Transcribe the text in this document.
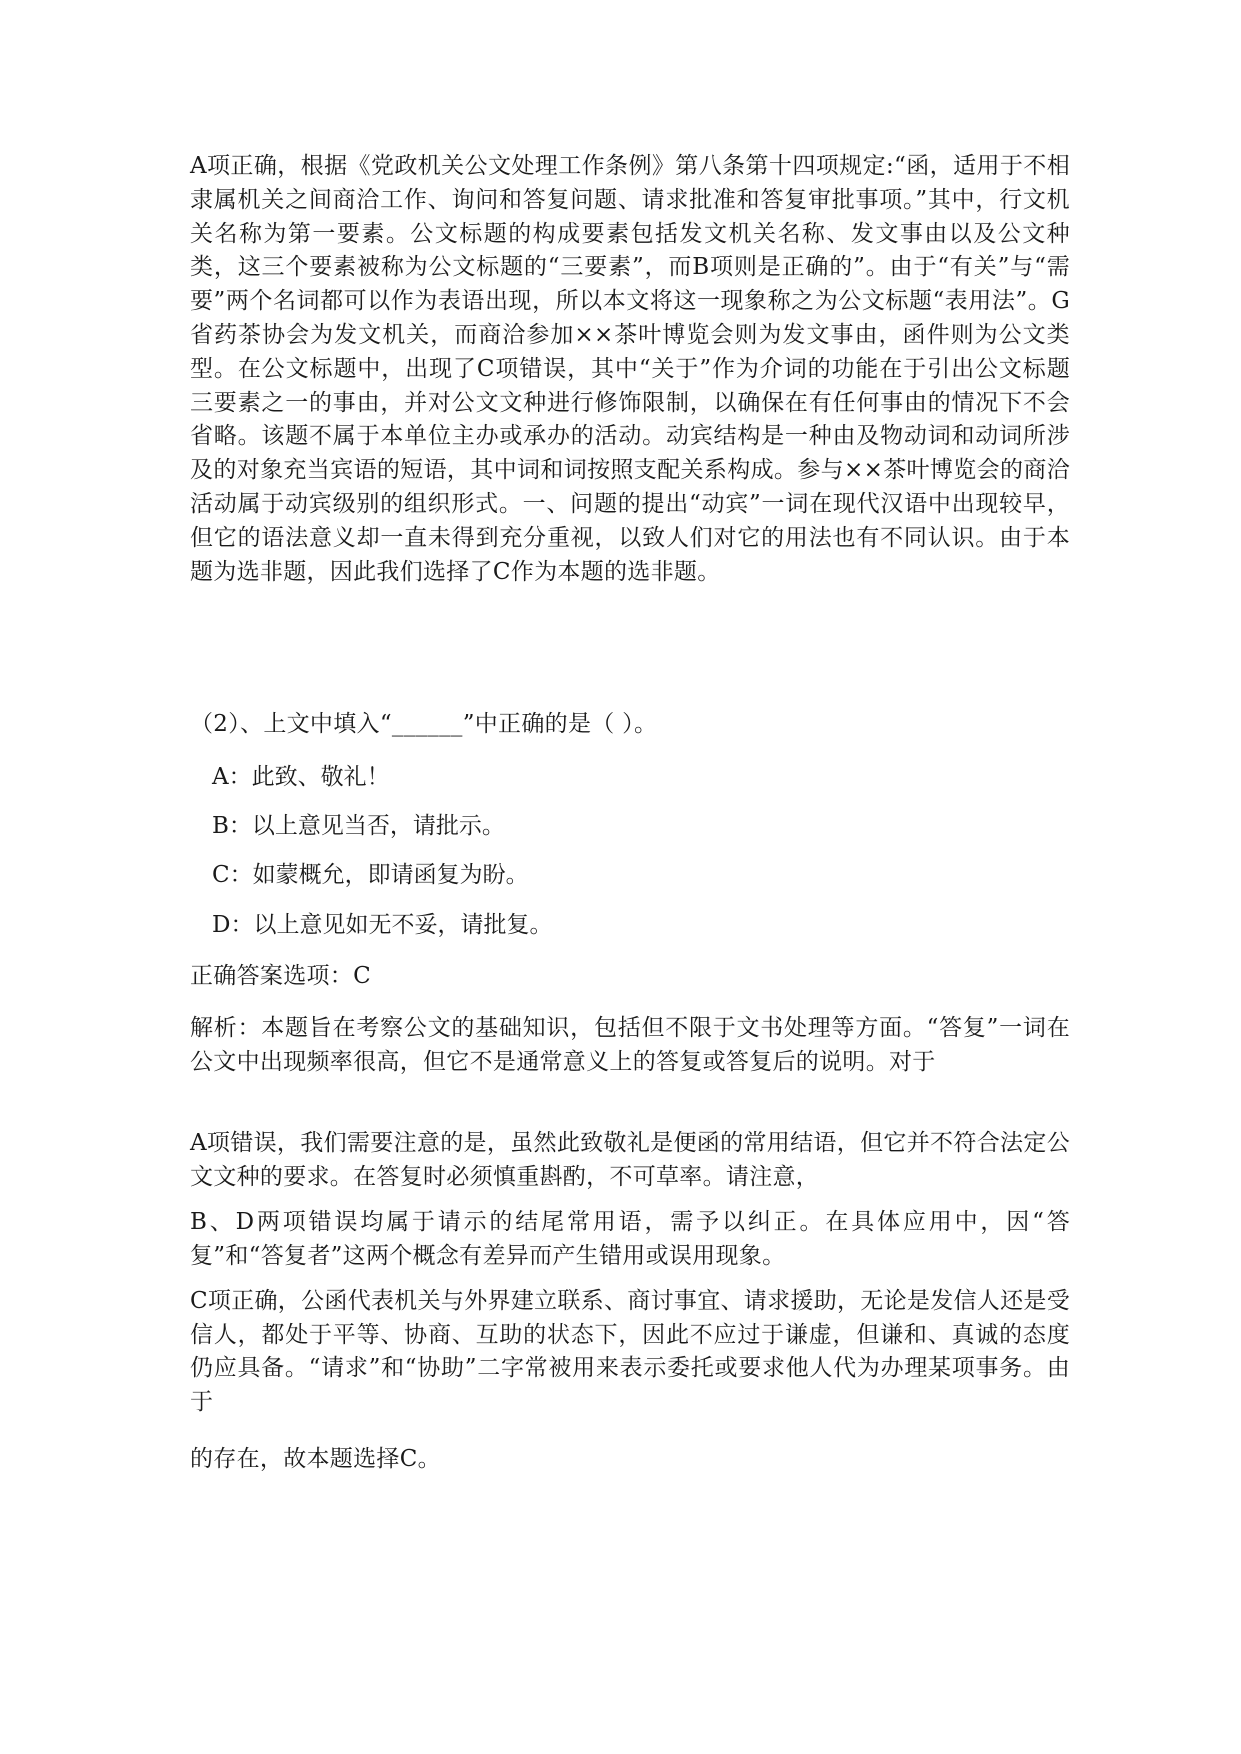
A项正确，根据《党政机关公文处理工作条例》第八条第十四项规定:“函，适用于不相隶属机关之间商洽工作、询问和答复问题、请求批准和答复审批事项。”其中，行文机关名称为第一要素。公文标题的构成要素包括发文机关名称、发文事由以及公文种类，这三个要素被称为公文标题的“三要素”，而B项则是正确的”。由于“有关”与“需要”两个名词都可以作为表语出现，所以本文将这一现象称之为公文标题“表用法”。G省药茶协会为发文机关，而商洽参加××茶叶博览会则为发文事由，函件则为公文类型。在公文标题中，出现了C项错误，其中“关于”作为介词的功能在于引出公文标题三要素之一的事由，并对公文文种进行修饰限制，以确保在有任何事由的情况下不会省略。该题不属于本单位主办或承办的活动。动宾结构是一种由及物动词和动词所涉及的对象充当宾语的短语，其中词和词按照支配关系构成。参与××茶叶博览会的商洽活动属于动宾级别的组织形式。一、问题的提出“动宾”一词在现代汉语中出现较早，但它的语法意义却一直未得到充分重视，以致人们对它的用法也有不同认识。由于本题为选非题，因此我们选择了C作为本题的选非题。

（2）、上文中填入“______”中正确的是（ ）。

A：此致、敬礼！

B：以上意见当否，请批示。

C：如蒙概允，即请函复为盼。

D：以上意见如无不妥，请批复。

正确答案选项：C

解析：本题旨在考察公文的基础知识，包括但不限于文书处理等方面。“答复”一词在公文中出现频率很高，但它不是通常意义上的答复或答复后的说明。对于

A项错误，我们需要注意的是，虽然此致敬礼是便函的常用结语，但它并不符合法定公文文种的要求。在答复时必须慎重斟酌，不可草率。请注意，

B、D两项错误均属于请示的结尾常用语，需予以纠正。在具体应用中，因“答复”和“答复者”这两个概念有差异而产生错用或误用现象。

C项正确，公函代表机关与外界建立联系、商讨事宜、请求援助，无论是发信人还是受信人，都处于平等、协商、互助的状态下，因此不应过于谦虚，但谦和、真诚的态度仍应具备。“请求”和“协助”二字常被用来表示委托或要求他人代为办理某项事务。由于

的存在，故本题选择C。
